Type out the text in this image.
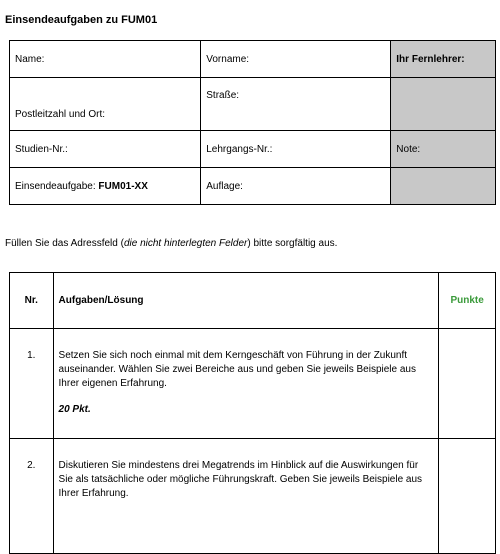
Einsendeaufgaben zu FUM01
Name:	Vorname:	Ihr Fernlehrer:
Postleitzahl und Ort:	Straße:	
Studien-Nr.:	Lehrgangs-Nr.:	Note:
Einsendeaufgabe: FUM01-XX	Auflage:	
Füllen Sie das Adressfeld (die nicht hinterlegten Felder) bitte sorgfältig aus.
Nr.	Aufgaben/Lösung	Punkte
1.	Setzen Sie sich noch einmal mit dem Kerngeschäft von Führung in der Zukunft auseinander. Wählen Sie zwei Bereiche aus und geben Sie jeweils Beispiele aus Ihrer eigenen Erfahrung.
20 Pkt.	

2.	Diskutieren Sie mindestens drei Megatrends im Hinblick auf die Auswirkungen für Sie als tatsächliche oder mögliche Führungskraft. Geben Sie jeweils Beispiele aus Ihrer Erfahrung.	
